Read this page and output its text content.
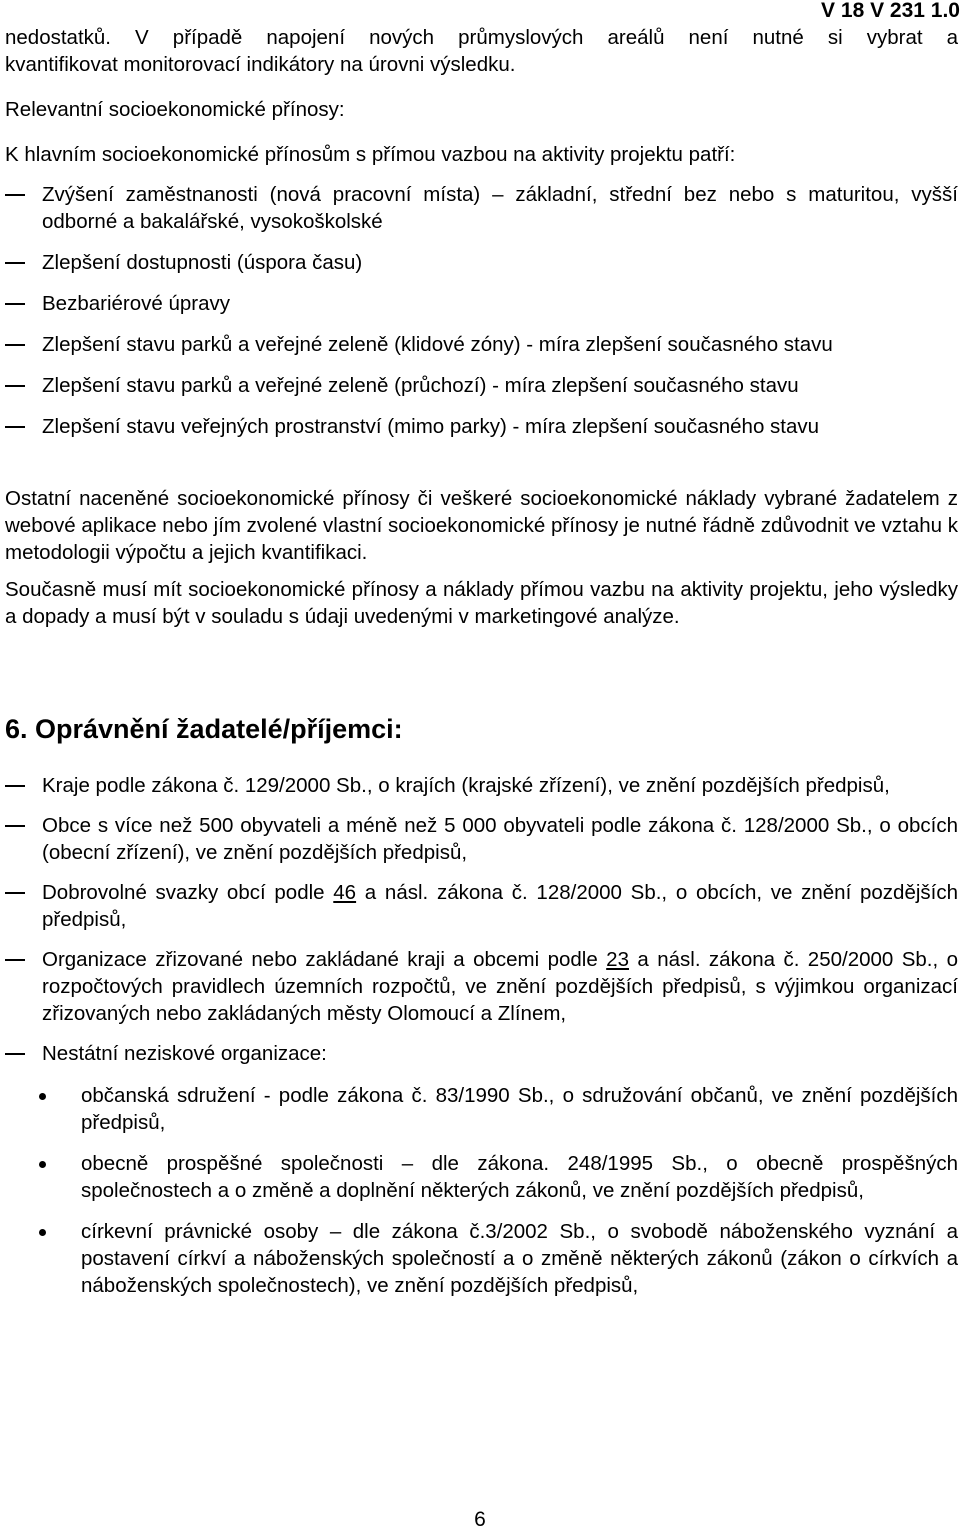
V 18 V 231 1.0
nedostatků. V případě napojení nových průmyslových areálů není nutné si vybrat a
kvantifikovat monitorovací indikátory na úrovni výsledku.
Relevantní socioekonomické přínosy:
K hlavním socioekonomické přínosům s přímou vazbou na aktivity projektu patří:
Zvýšení zaměstnanosti (nová pracovní místa) – základní, střední bez nebo s maturitou, vyšší odborné a bakalářské, vysokoškolské
Zlepšení dostupnosti (úspora času)
Bezbariérové úpravy
Zlepšení stavu parků a veřejné zeleně (klidové zóny) - míra zlepšení současného stavu
Zlepšení stavu parků a veřejné zeleně (průchozí) - míra zlepšení současného stavu
Zlepšení stavu veřejných prostranství (mimo parky) - míra zlepšení současného stavu
Ostatní naceněné socioekonomické přínosy či veškeré socioekonomické náklady vybrané žadatelem z webové aplikace nebo jím zvolené vlastní socioekonomické přínosy je nutné řádně zdůvodnit ve vztahu k metodologii výpočtu a jejich kvantifikaci.
Současně musí mít socioekonomické přínosy a náklady přímou vazbu na aktivity projektu, jeho výsledky a dopady a musí být v souladu s údaji uvedenými v marketingové analýze.
6. Oprávnění žadatelé/příjemci:
Kraje podle zákona č. 129/2000 Sb., o krajích (krajské zřízení), ve znění pozdějších předpisů,
Obce s více než 500 obyvateli a méně než 5 000 obyvateli podle zákona č. 128/2000 Sb., o obcích (obecní zřízení), ve znění pozdějších předpisů,
Dobrovolné svazky obcí podle 46 a násl. zákona č. 128/2000 Sb., o obcích, ve znění pozdějších předpisů,
Organizace zřizované nebo zakládané kraji a obcemi podle 23 a násl. zákona č. 250/2000 Sb., o rozpočtových pravidlech územních rozpočtů, ve znění pozdějších předpisů, s výjimkou organizací zřizovaných nebo zakládaných městy Olomoucí a Zlínem,
Nestátní neziskové organizace:
občanská sdružení - podle zákona č. 83/1990 Sb., o sdružování občanů, ve znění pozdějších předpisů,
obecně prospěšné společnosti – dle zákona. 248/1995 Sb., o obecně prospěšných společnostech a o změně a doplnění některých zákonů, ve znění pozdějších předpisů,
církevní právnické osoby – dle zákona č.3/2002 Sb., o svobodě náboženského vyznání a postavení církví a náboženských společností a o změně některých zákonů (zákon o církvích a náboženských společnostech), ve znění pozdějších předpisů,
6
